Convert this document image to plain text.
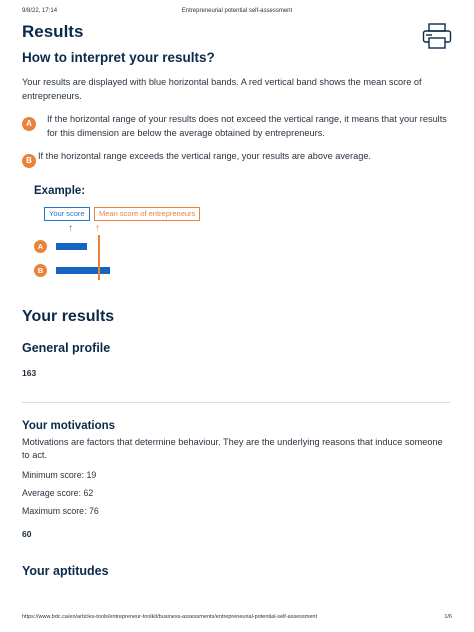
9/8/22, 17:14	Entrepreneurial potential self-assessment
Results
How to interpret your results?

Your results are displayed with blue horizontal bands. A red vertical band shows the mean score of entrepreneurs.

A	If the horizontal range of your results does not exceed the vertical range, it means that your results for this dimension are below the average obtained by entrepreneurs.

B If the horizontal range exceeds the vertical range, your results are above average.

Example:
Your score	Mean score of entrepreneurs
↑ ↑
A
B
Your results
General profile
163
Your motivations

Motivations are factors that determine behaviour. They are the underlying reasons that induce someone to act.

Minimum score: 19
Average score: 62
Maximum score: 76
60
Your aptitudes
https://www.bdc.ca/en/articles-tools/entrepreneur-toolkit/business-assessments/entrepreneurial-potential-self-assessment	1/6
